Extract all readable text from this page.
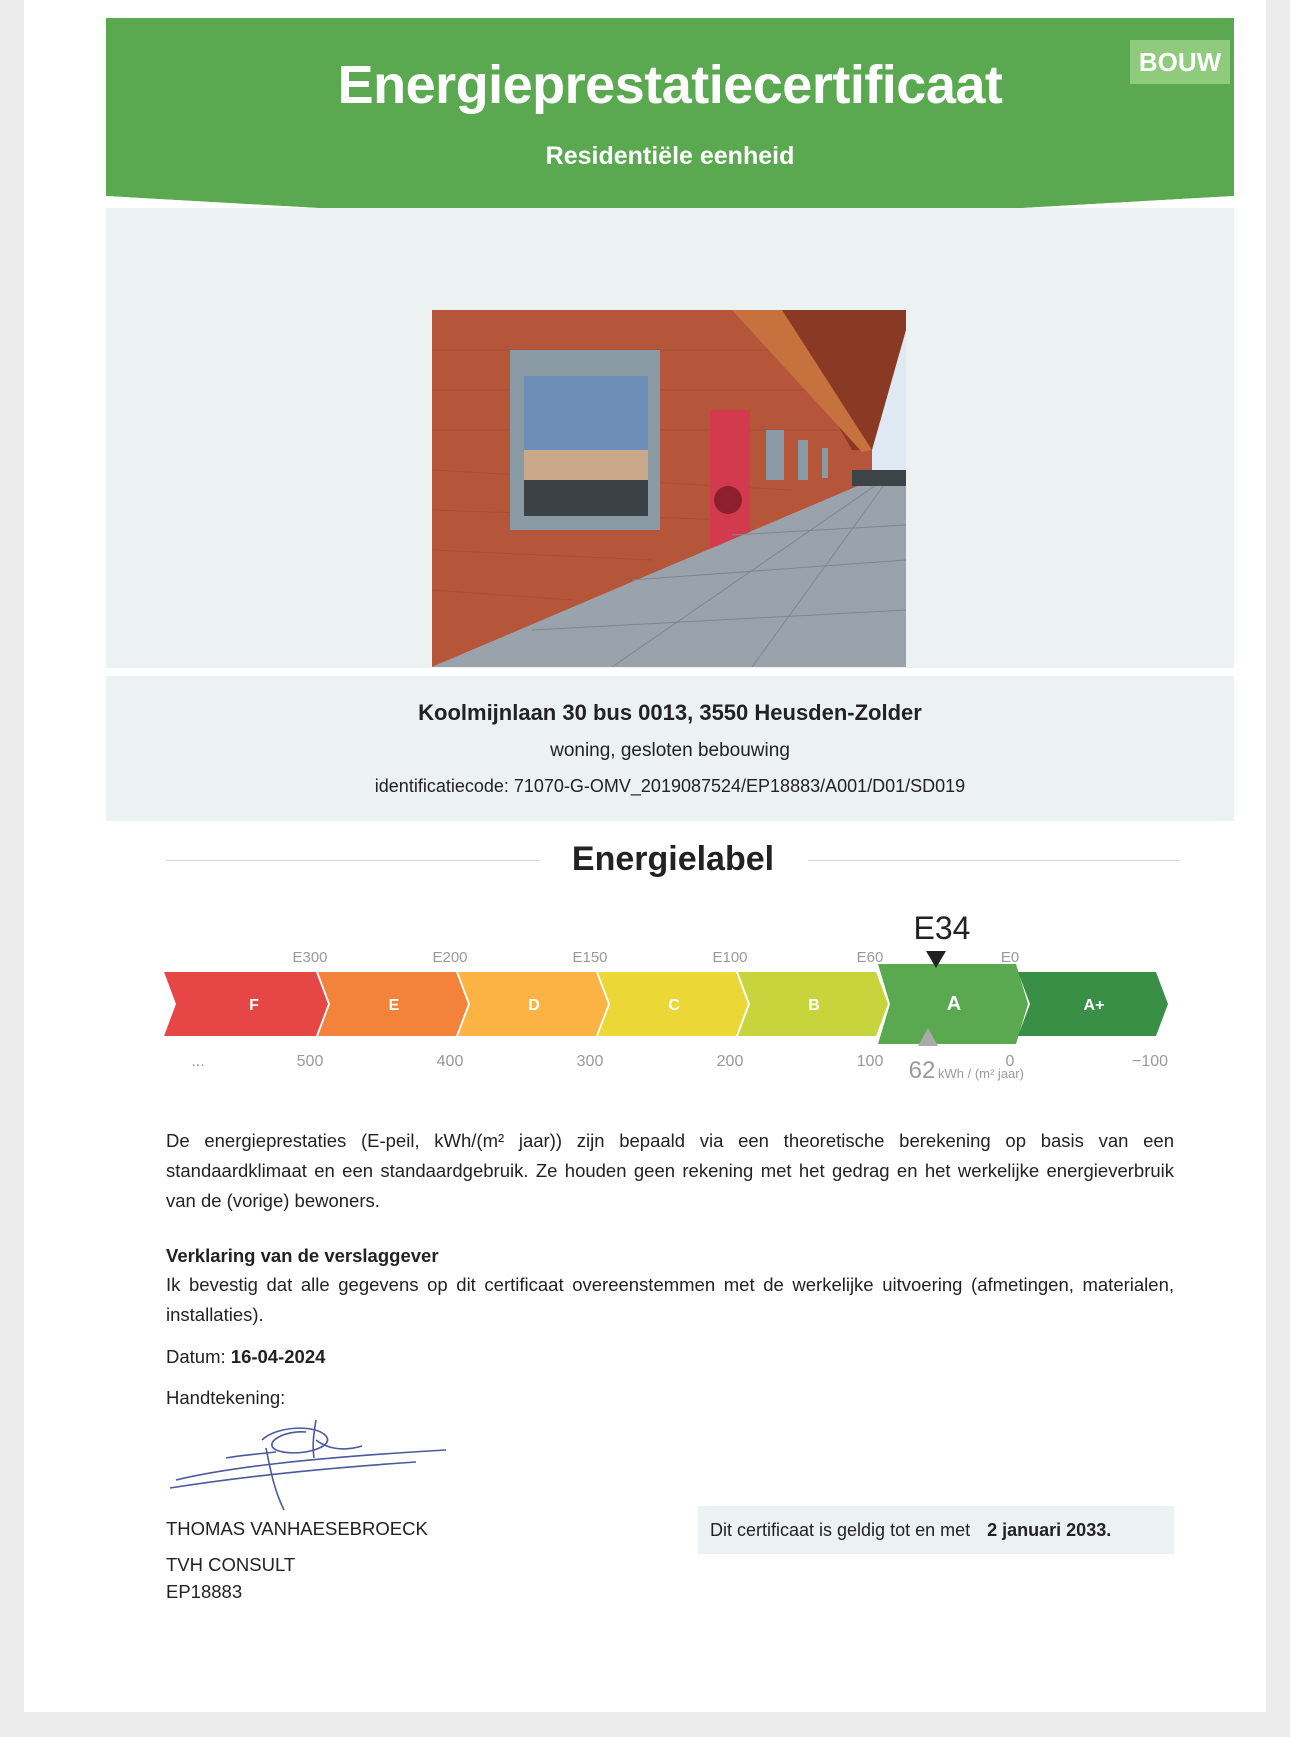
Energieprestatiecertificaat
Residentiële eenheid
BOUW
Koolmijnlaan 30 bus 0013, 3550 Heusden-Zolder
woning, gesloten bebouwing
identificatiecode: 71070-G-OMV_2019087524/EP18883/A001/D01/SD019
Energielabel
F	E	D	C	B	A	A+
E300	E200	E150	E100	E60	E0
...	500	400	300	200	100	0	−100
E34
62 kWh / (m² jaar)
De energieprestaties (E-peil, kWh/(m² jaar)) zijn bepaald via een theoretische berekening op basis van een standaardklimaat en een standaardgebruik. Ze houden geen rekening met het gedrag en het werkelijke energieverbruik van de (vorige) bewoners.
Verklaring van de verslaggever
Ik bevestig dat alle gegevens op dit certificaat overeenstemmen met de werkelijke uitvoering (afmetingen, materialen, installaties).
Datum: 16-04-2024
Handtekening:
THOMAS VANHAESEBROECK
TVH CONSULT
EP18883
Dit certificaat is geldig tot en met 2 januari 2033.
